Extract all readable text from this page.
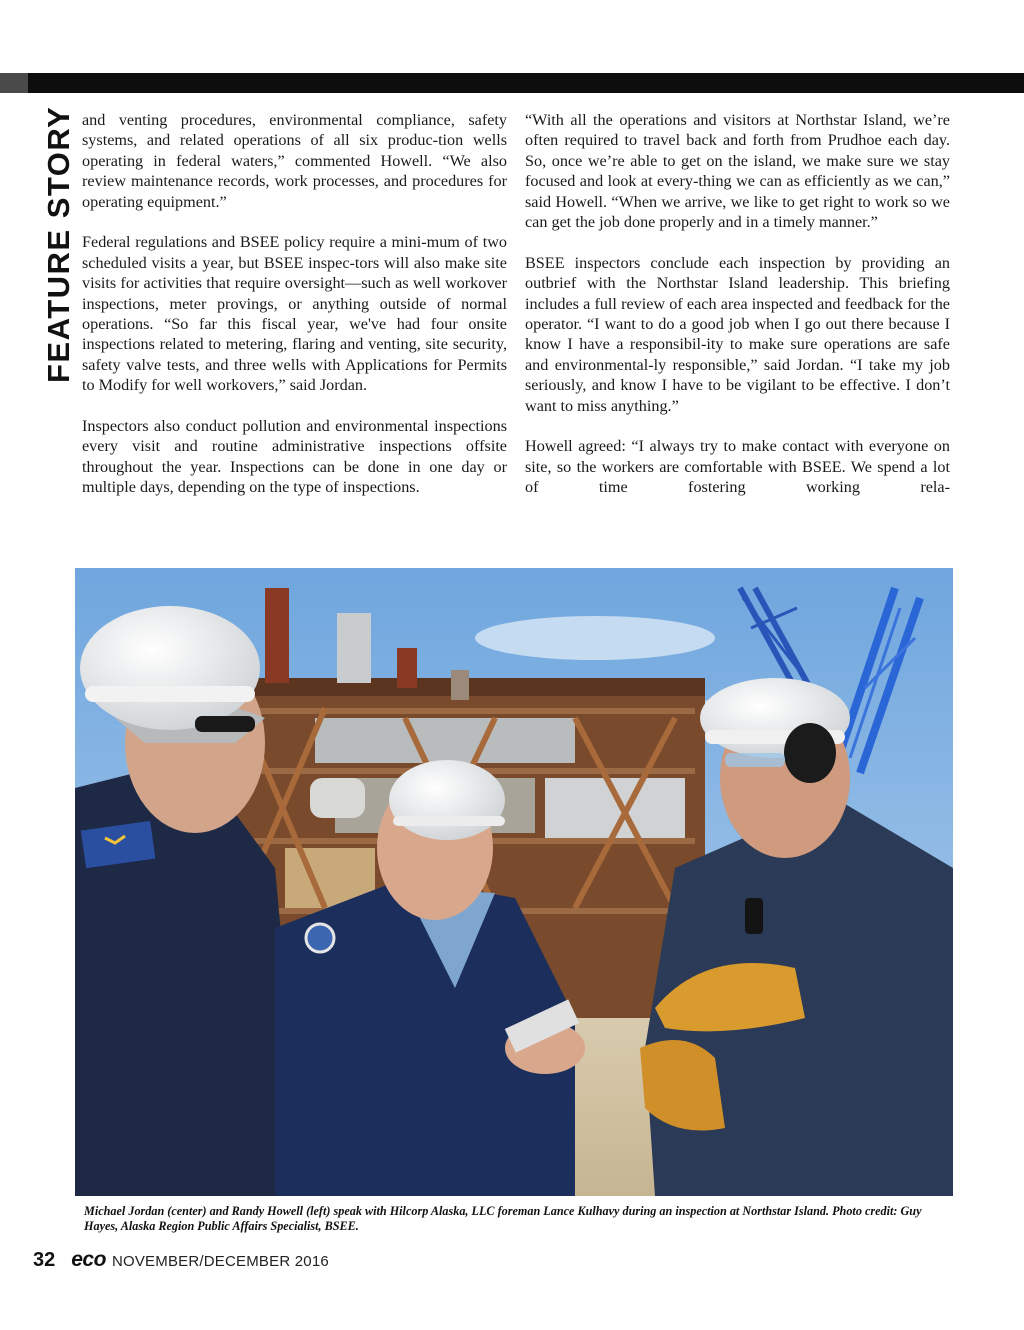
FEATURE STORY and venting procedures, environmental compliance, safety systems, and related operations of all six produc-tion wells operating in federal waters,” commented Howell. “We also review maintenance records, work processes, and procedures for operating equipment.”

Federal regulations and BSEE policy require a mini-mum of two scheduled visits a year, but BSEE inspec-tors will also make site visits for activities that require oversight—such as well workover inspections, meter provings, or anything outside of normal operations. “So far this fiscal year, we've had four onsite inspections related to metering, flaring and venting, site security, safety valve tests, and three wells with Applications for Permits to Modify for well workovers,” said Jordan.

Inspectors also conduct pollution and environmental inspections every visit and routine administrative inspections offsite throughout the year. Inspections can be done in one day or multiple days, depending on the type of inspections.

“With all the operations and visitors at Northstar Island, we’re often required to travel back and forth from Prudhoe each day. So, once we’re able to get on the island, we make sure we stay focused and look at every-thing we can as efficiently as we can,” said Howell. “When we arrive, we like to get right to work so we can get the job done properly and in a timely manner.”

BSEE inspectors conclude each inspection by providing an outbrief with the Northstar Island leadership. This briefing includes a full review of each area inspected and feedback for the operator. “I want to do a good job when I go out there because I know I have a responsibil-ity to make sure operations are safe and environmental-ly responsible,” said Jordan. “I take my job seriously, and know I have to be vigilant to be effective. I don’t want to miss anything.”

Howell agreed: “I always try to make contact with everyone on site, so the workers are comfortable with BSEE. We spend a lot of time fostering working rela-

Michael Jordan (center) and Randy Howell (left) speak with Hilcorp Alaska, LLC foreman Lance Kulhavy during an inspection at Northstar Island. Photo credit: Guy Hayes, Alaska Region Public Affairs Specialist, BSEE.
32 eco NOVEMBER/DECEMBER 2016
